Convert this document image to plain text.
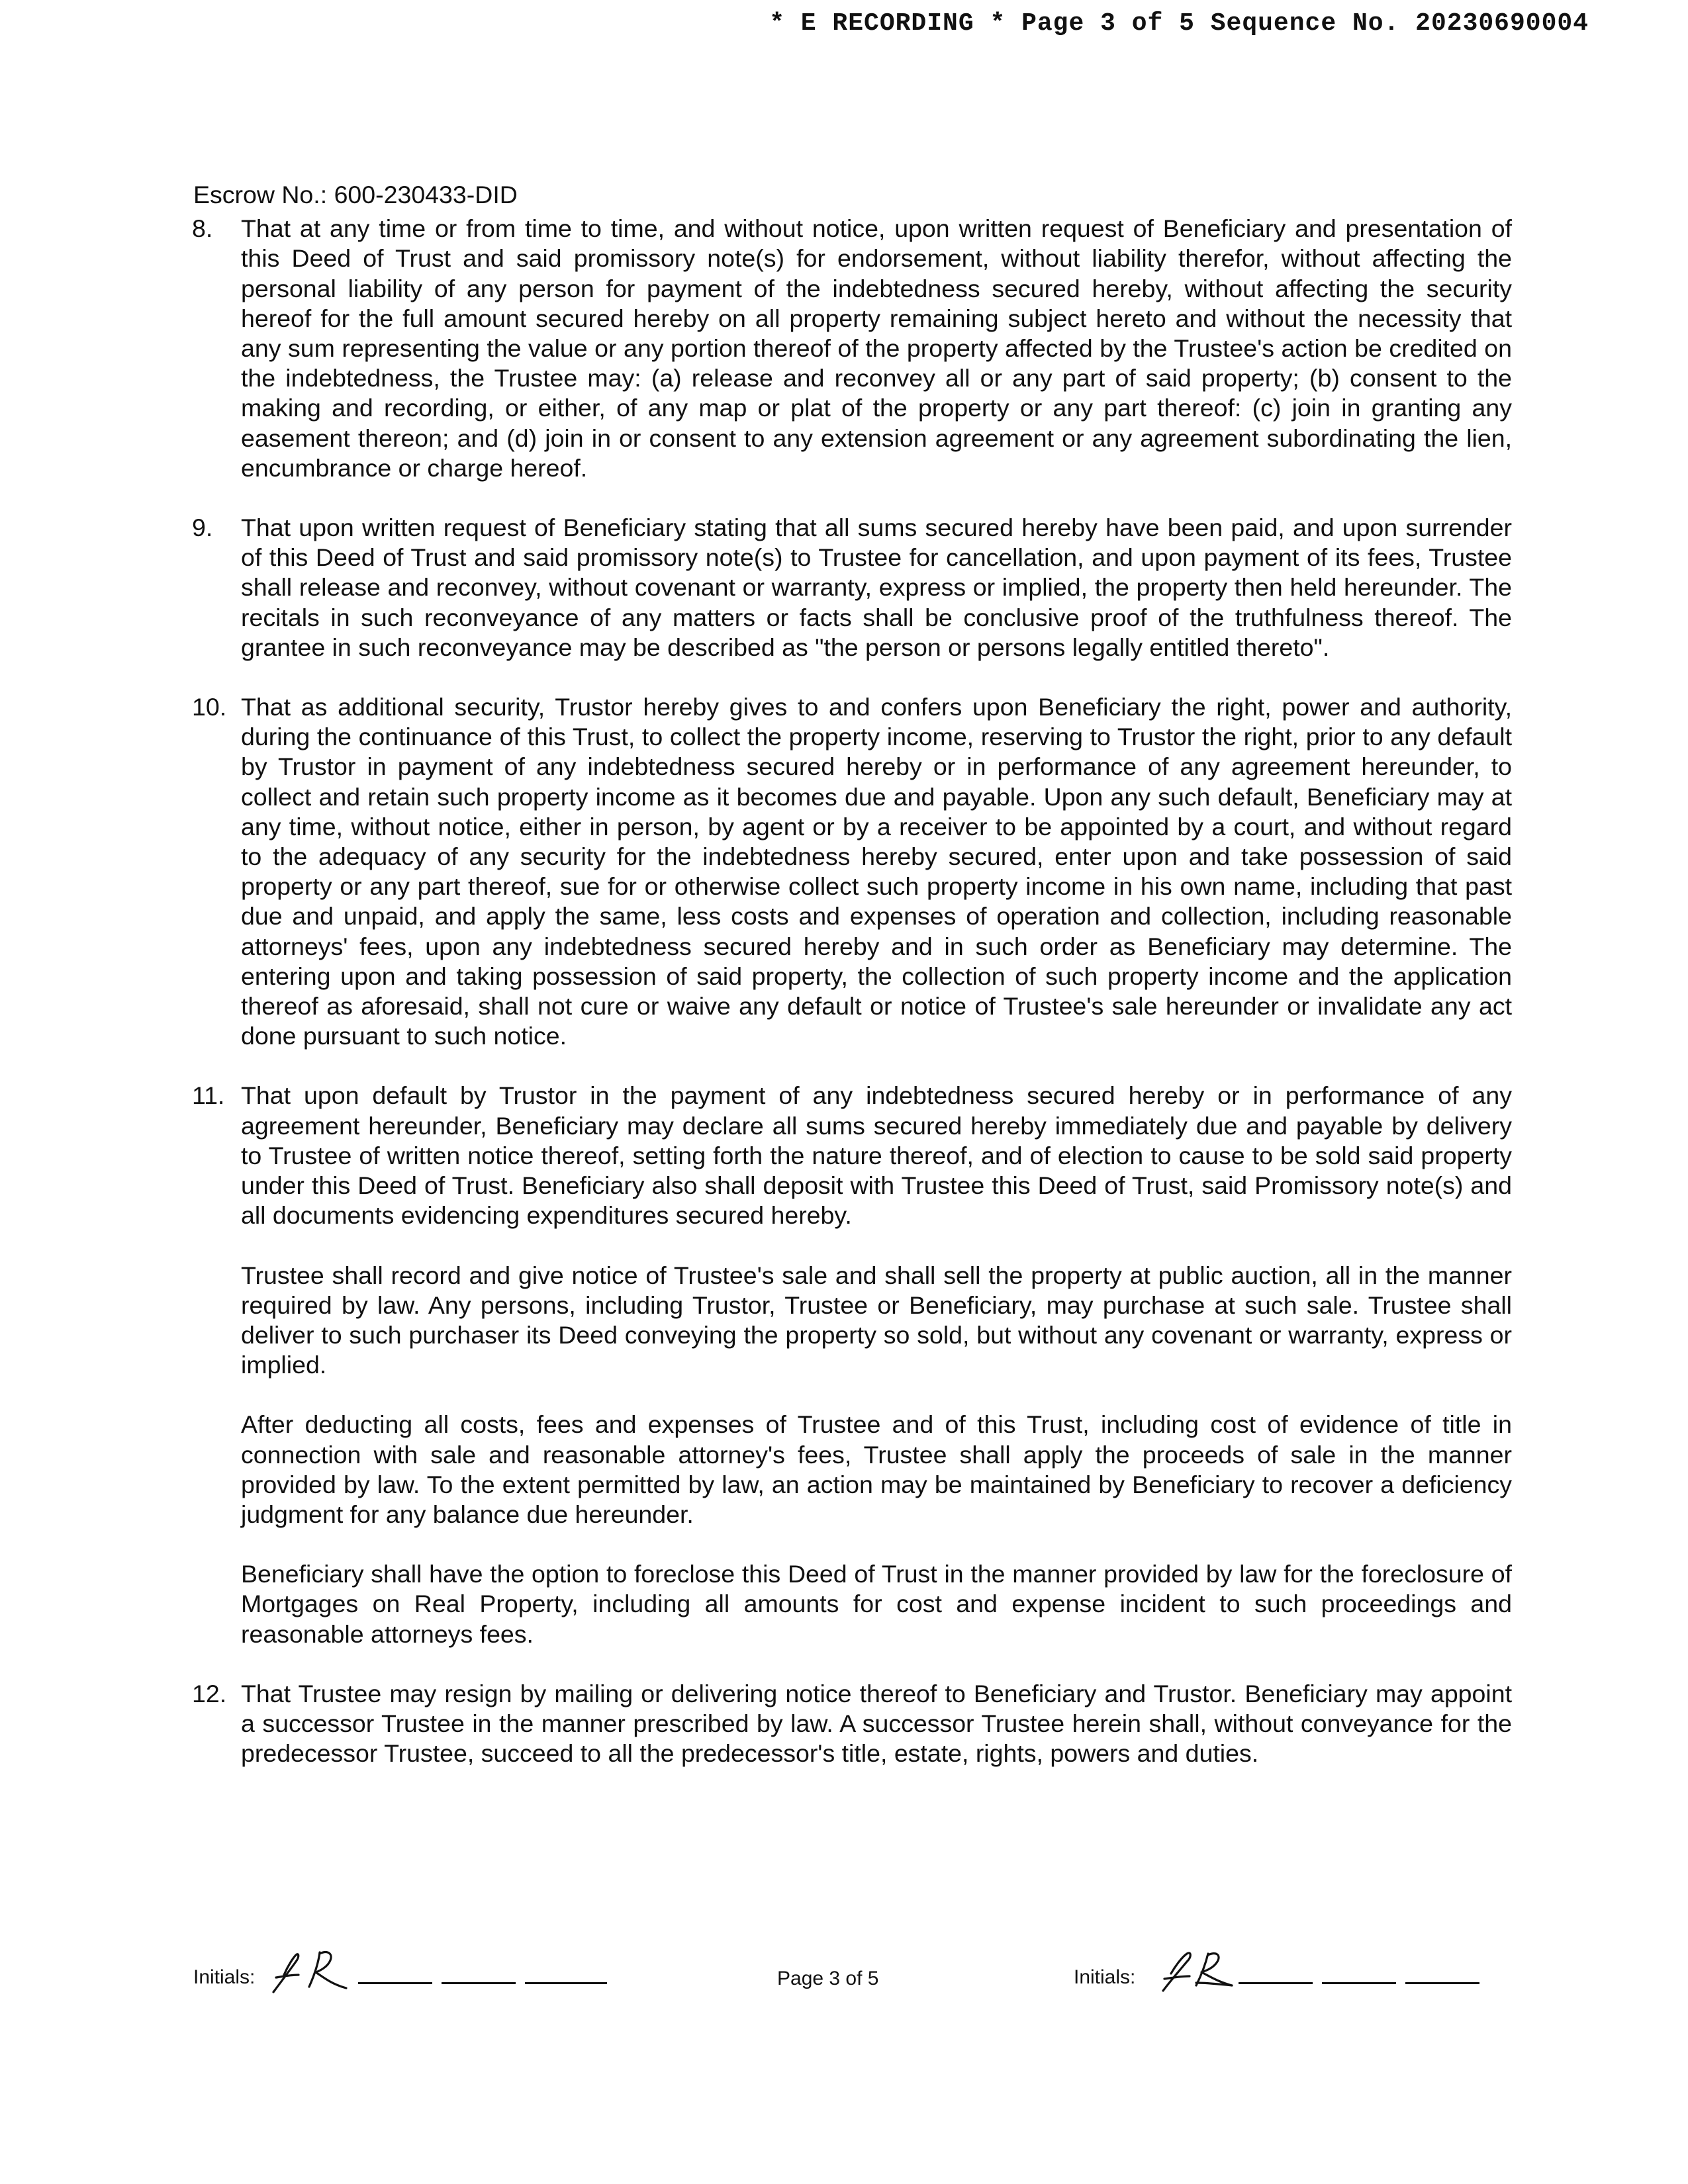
* E RECORDING * Page 3 of 5 Sequence No. 20230690004
Escrow No.: 600-230433-DID
8.	That at any time or from time to time, and without notice, upon written request of Beneficiary and presentation of this Deed of Trust and said promissory note(s) for endorsement, without liability therefor, without affecting the personal liability of any person for payment of the indebtedness secured hereby, without affecting the security hereof for the full amount secured hereby on all property remaining subject hereto and without the necessity that any sum representing the value or any portion thereof of the property affected by the Trustee's action be credited on the indebtedness, the Trustee may: (a) release and reconvey all or any part of said property; (b) consent to the making and recording, or either, of any map or plat of the property or any part thereof: (c) join in granting any easement thereon; and (d) join in or consent to any extension agreement or any agreement subordinating the lien, encumbrance or charge hereof.

9.	That upon written request of Beneficiary stating that all sums secured hereby have been paid, and upon surrender of this Deed of Trust and said promissory note(s) to Trustee for cancellation, and upon payment of its fees, Trustee shall release and reconvey, without covenant or warranty, express or implied, the property then held hereunder. The recitals in such reconveyance of any matters or facts shall be conclusive proof of the truthfulness thereof. The grantee in such reconveyance may be described as "the person or persons legally entitled thereto".

10. That as additional security, Trustor hereby gives to and confers upon Beneficiary the right, power and authority, during the continuance of this Trust, to collect the property income, reserving to Trustor the right, prior to any default by Trustor in payment of any indebtedness secured hereby or in performance of any agreement hereunder, to collect and retain such property income as it becomes due and payable. Upon any such default, Beneficiary may at any time, without notice, either in person, by agent or by a receiver to be appointed by a court, and without regard to the adequacy of any security for the indebtedness hereby secured, enter upon and take possession of said property or any part thereof, sue for or otherwise collect such property income in his own name, including that past due and unpaid, and apply the same, less costs and expenses of operation and collection, including reasonable attorneys' fees, upon any indebtedness secured hereby and in such order as Beneficiary may determine. The entering upon and taking possession of said property, the collection of such property income and the application thereof as aforesaid, shall not cure or waive any default or notice of Trustee's sale hereunder or invalidate any act done pursuant to such notice.

11. That upon default by Trustor in the payment of any indebtedness secured hereby or in performance of any agreement hereunder, Beneficiary may declare all sums secured hereby immediately due and payable by delivery to Trustee of written notice thereof, setting forth the nature thereof, and of election to cause to be sold said property under this Deed of Trust. Beneficiary also shall deposit with Trustee this Deed of Trust, said Promissory note(s) and all documents evidencing expenditures secured hereby.

Trustee shall record and give notice of Trustee's sale and shall sell the property at public auction, all in the manner required by law. Any persons, including Trustor, Trustee or Beneficiary, may purchase at such sale. Trustee shall deliver to such purchaser its Deed conveying the property so sold, but without any covenant or warranty, express or implied.

After deducting all costs, fees and expenses of Trustee and of this Trust, including cost of evidence of title in connection with sale and reasonable attorney's fees, Trustee shall apply the proceeds of sale in the manner provided by law. To the extent permitted by law, an action may be maintained by Beneficiary to recover a deficiency judgment for any balance due hereunder.

Beneficiary shall have the option to foreclose this Deed of Trust in the manner provided by law for the foreclosure of Mortgages on Real Property, including all amounts for cost and expense incident to such proceedings and reasonable attorneys fees.

12. That Trustee may resign by mailing or delivering notice thereof to Beneficiary and Trustor. Beneficiary may appoint a successor Trustee in the manner prescribed by law. A successor Trustee herein shall, without conveyance for the predecessor Trustee, succeed to all the predecessor's title, estate, rights, powers and duties.

Initials:	Page 3 of 5	Initials:
